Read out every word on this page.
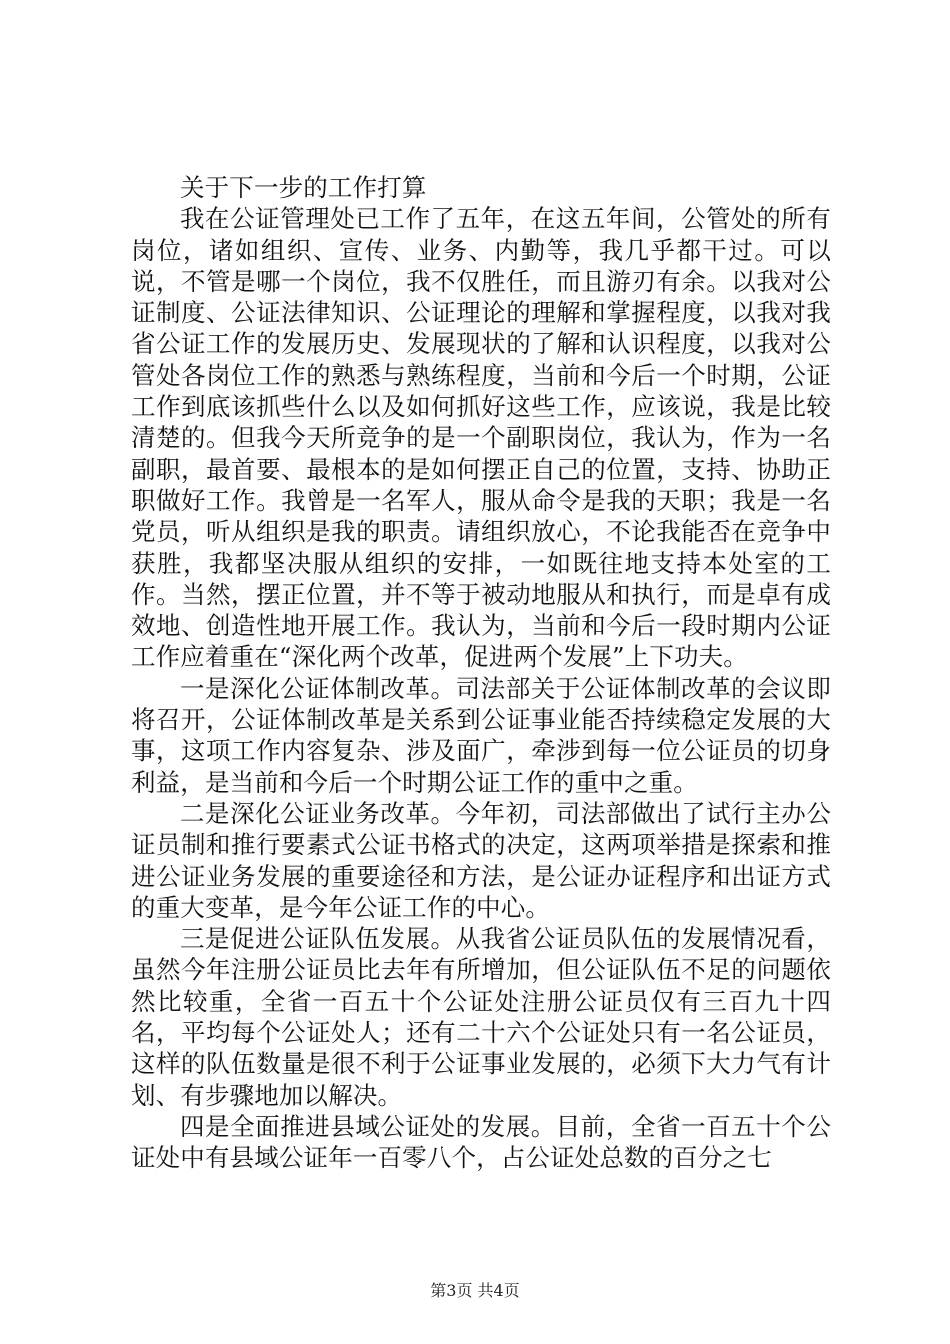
关于下一步的工作打算

我在公证管理处已工作了五年，在这五年间，公管处的所有岗位，诸如组织、宣传、业务、内勤等，我几乎都干过。可以说，不管是哪一个岗位，我不仅胜任，而且游刃有余。以我对公证制度、公证法律知识、公证理论的理解和掌握程度，以我对我省公证工作的发展历史、发展现状的了解和认识程度，以我对公管处各岗位工作的熟悉与熟练程度，当前和今后一个时期，公证工作到底该抓些什么以及如何抓好这些工作，应该说，我是比较清楚的。但我今天所竞争的是一个副职岗位，我认为，作为一名副职，最首要、最根本的是如何摆正自己的位置，支持、协助正职做好工作。我曾是一名军人，服从命令是我的天职；我是一名党员，听从组织是我的职责。请组织放心，不论我能否在竞争中获胜，我都坚决服从组织的安排，一如既往地支持本处室的工作。当然，摆正位置，并不等于被动地服从和执行，而是卓有成效地、创造性地开展工作。我认为，当前和今后一段时期内公证工作应着重在“深化两个改革，促进两个发展”上下功夫。

一是深化公证体制改革。司法部关于公证体制改革的会议即将召开，公证体制改革是关系到公证事业能否持续稳定发展的大事，这项工作内容复杂、涉及面广，牵涉到每一位公证员的切身利益，是当前和今后一个时期公证工作的重中之重。

二是深化公证业务改革。今年初，司法部做出了试行主办公证员制和推行要素式公证书格式的决定，这两项举措是探索和推进公证业务发展的重要途径和方法，是公证办证程序和出证方式的重大变革，是今年公证工作的中心。

三是促进公证队伍发展。从我省公证员队伍的发展情况看，虽然今年注册公证员比去年有所增加，但公证队伍不足的问题依然比较重，全省一百五十个公证处注册公证员仅有三百九十四名，平均每个公证处人；还有二十六个公证处只有一名公证员，这样的队伍数量是很不利于公证事业发展的，必须下大力气有计划、有步骤地加以解决。

四是全面推进县域公证处的发展。目前，全省一百五十个公证处中有县域公证年一百零八个，占公证处总数的百分之七

第3页 共4页
